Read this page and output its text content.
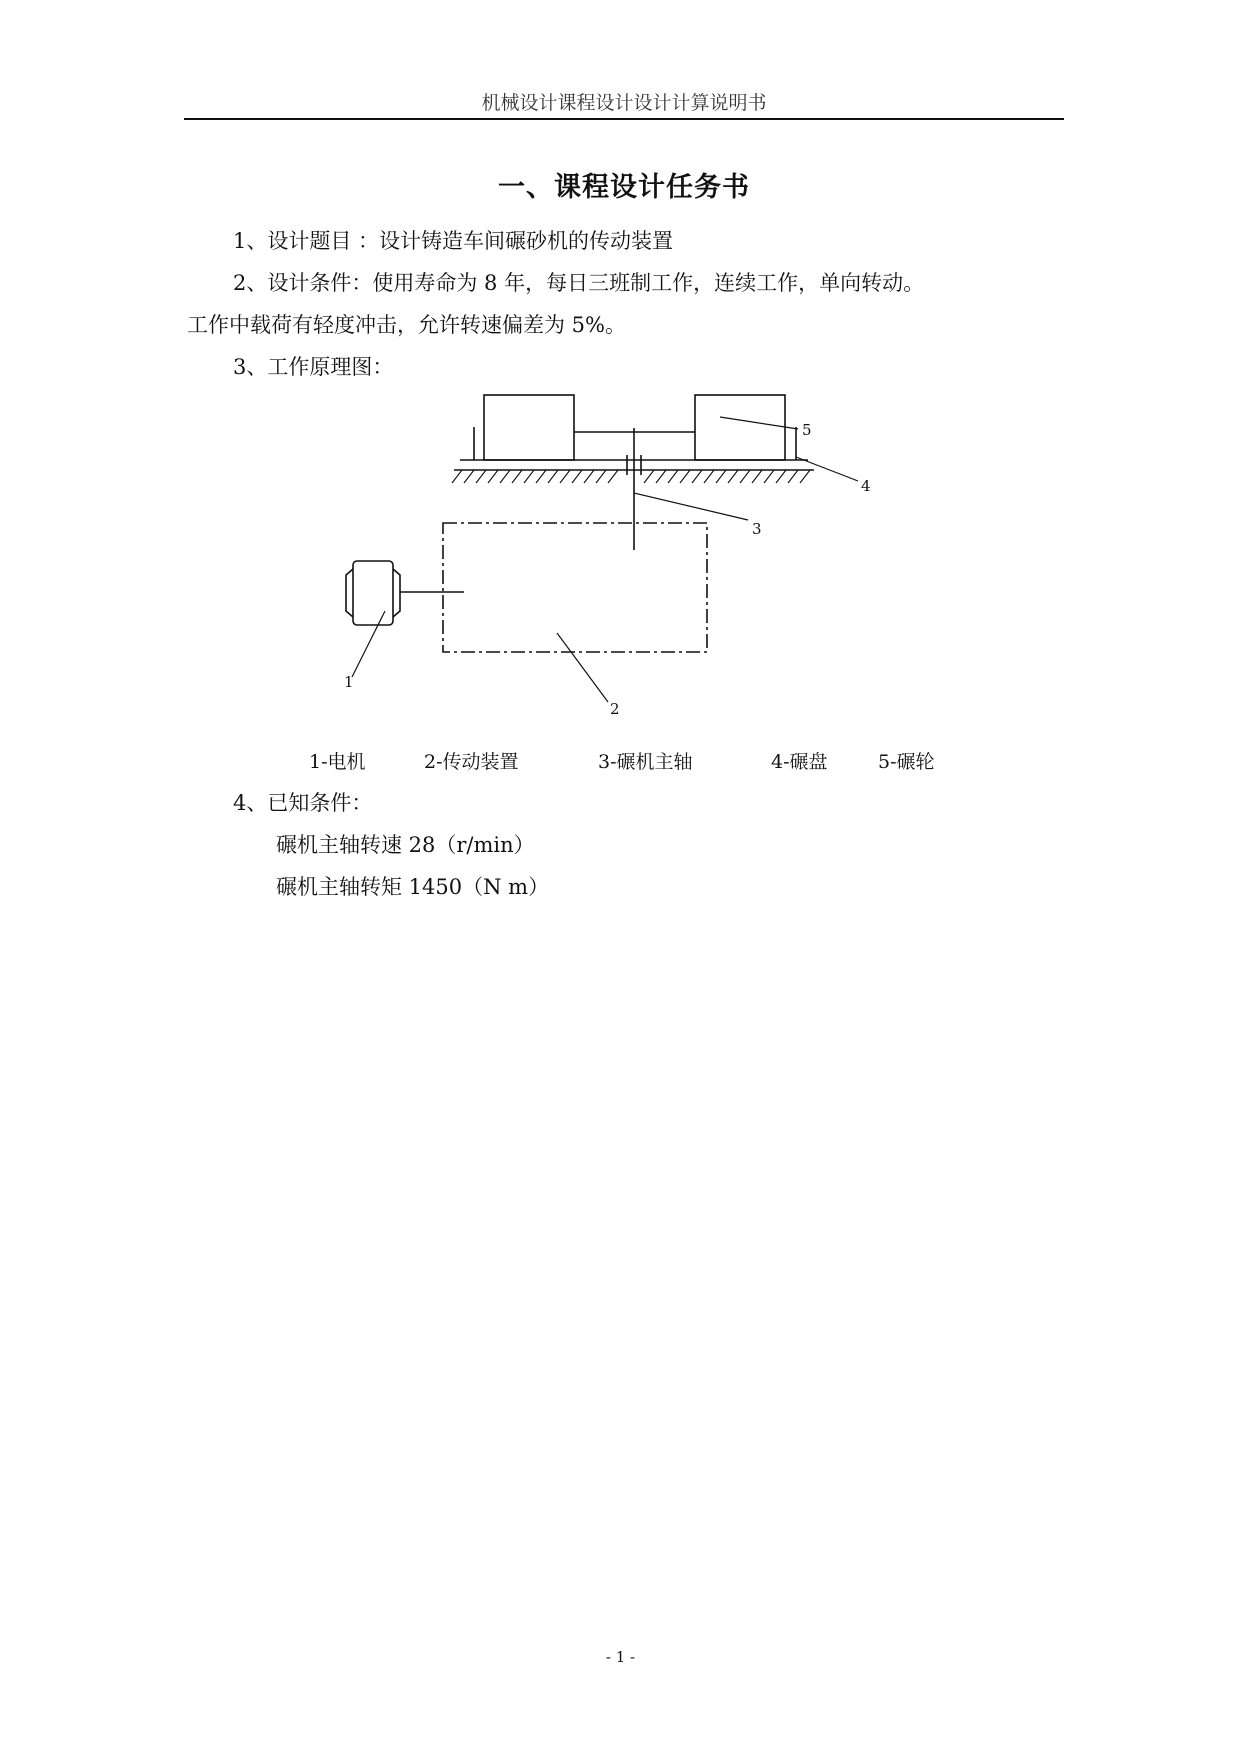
机械设计课程设计设计计算说明书
一、课程设计任务书
1、设计题目 ：设计铸造车间碾砂机的传动装置
2、设计条件：使用寿命为 8 年，每日三班制工作，连续工作，单向转动。
工作中载荷有轻度冲击，允许转速偏差为 5%。
3、工作原理图：
5
4
3
1
2
1-电机	2-传动装置	3-碾机主轴	4-碾盘	5-碾轮
4、已知条件：
碾机主轴转速 28（r/min）
碾机主轴转矩 1450（N m）
- 1 -
